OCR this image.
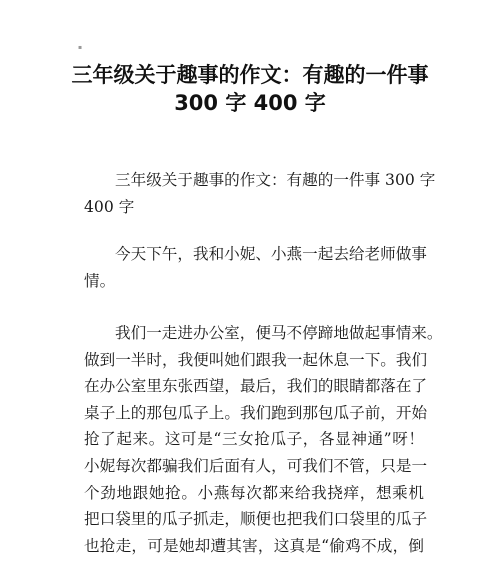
▪
三年级关于趣事的作文：有趣的一件事
300 字 400 字
三年级关于趣事的作文：有趣的一件事 300 字
400 字
今天下午，我和小妮、小燕一起去给老师做事
情。
我们一走进办公室，便马不停蹄地做起事情来。
做到一半时，我便叫她们跟我一起休息一下。我们
在办公室里东张西望，最后，我们的眼睛都落在了
桌子上的那包瓜子上。我们跑到那包瓜子前，开始
抢了起来。这可是“三女抢瓜子，各显神通”呀！
小妮每次都骗我们后面有人，可我们不管，只是一
个劲地跟她抢。小燕每次都来给我挠痒，想乘机
把口袋里的瓜子抓走，顺便也把我们口袋里的瓜子
也抢走，可是她却遭其害，这真是“偷鸡不成，倒
